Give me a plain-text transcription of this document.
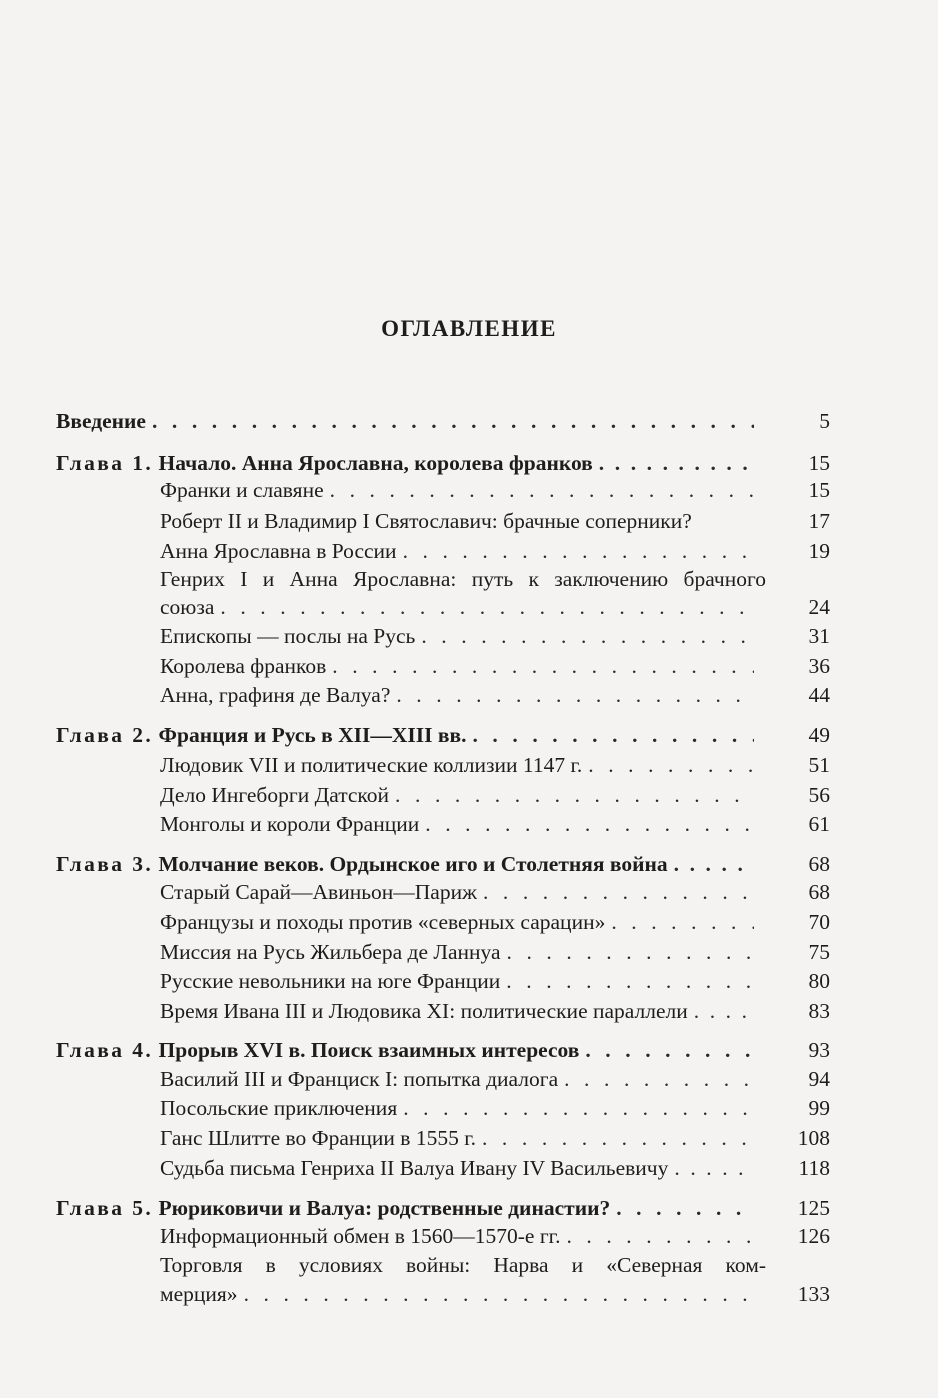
ОГЛАВЛЕНИЕ
Введение . . .	5
Глава 1. Начало. Анна Ярославна, королева франков . . .	15
Франки и славяне . . .	15
Роберт II и Владимир I Святославич: брачные соперники?	17
Анна Ярославна в России . . .	19
Генрих I и Анна Ярославна: путь к заключению брачного
союза . . .	24
Епископы — послы на Русь . . .	31
Королева франков . . .	36
Анна, графиня де Валуа? . . .	44
Глава 2. Франция и Русь в XII—XIII вв. . . .	49
Людовик VII и политические коллизии 1147 г. . . .	51
Дело Ингеборги Датской . . .	56
Монголы и короли Франции . . .	61
Глава 3. Молчание веков. Ордынское иго и Столетняя война . . .	68
Старый Сарай—Авиньон—Париж . . .	68
Французы и походы против «северных сарацин» . . .	70
Миссия на Русь Жильбера де Ланнуа . . .	75
Русские невольники на юге Франции . . .	80
Время Ивана III и Людовика XI: политические параллели . . .	83
Глава 4. Прорыв XVI в. Поиск взаимных интересов . . .	93
Василий III и Франциск I: попытка диалога . . .	94
Посольские приключения . . .	99
Ганс Шлитте во Франции в 1555 г. . . .	108
Судьба письма Генриха II Валуа Ивану IV Васильевичу . . .	118
Глава 5. Рюриковичи и Валуа: родственные династии? . . .	125
Информационный обмен в 1560—1570-е гг. . . .	126
Торговля в условиях войны: Нарва и «Северная ком-
мерция» . . .	133
